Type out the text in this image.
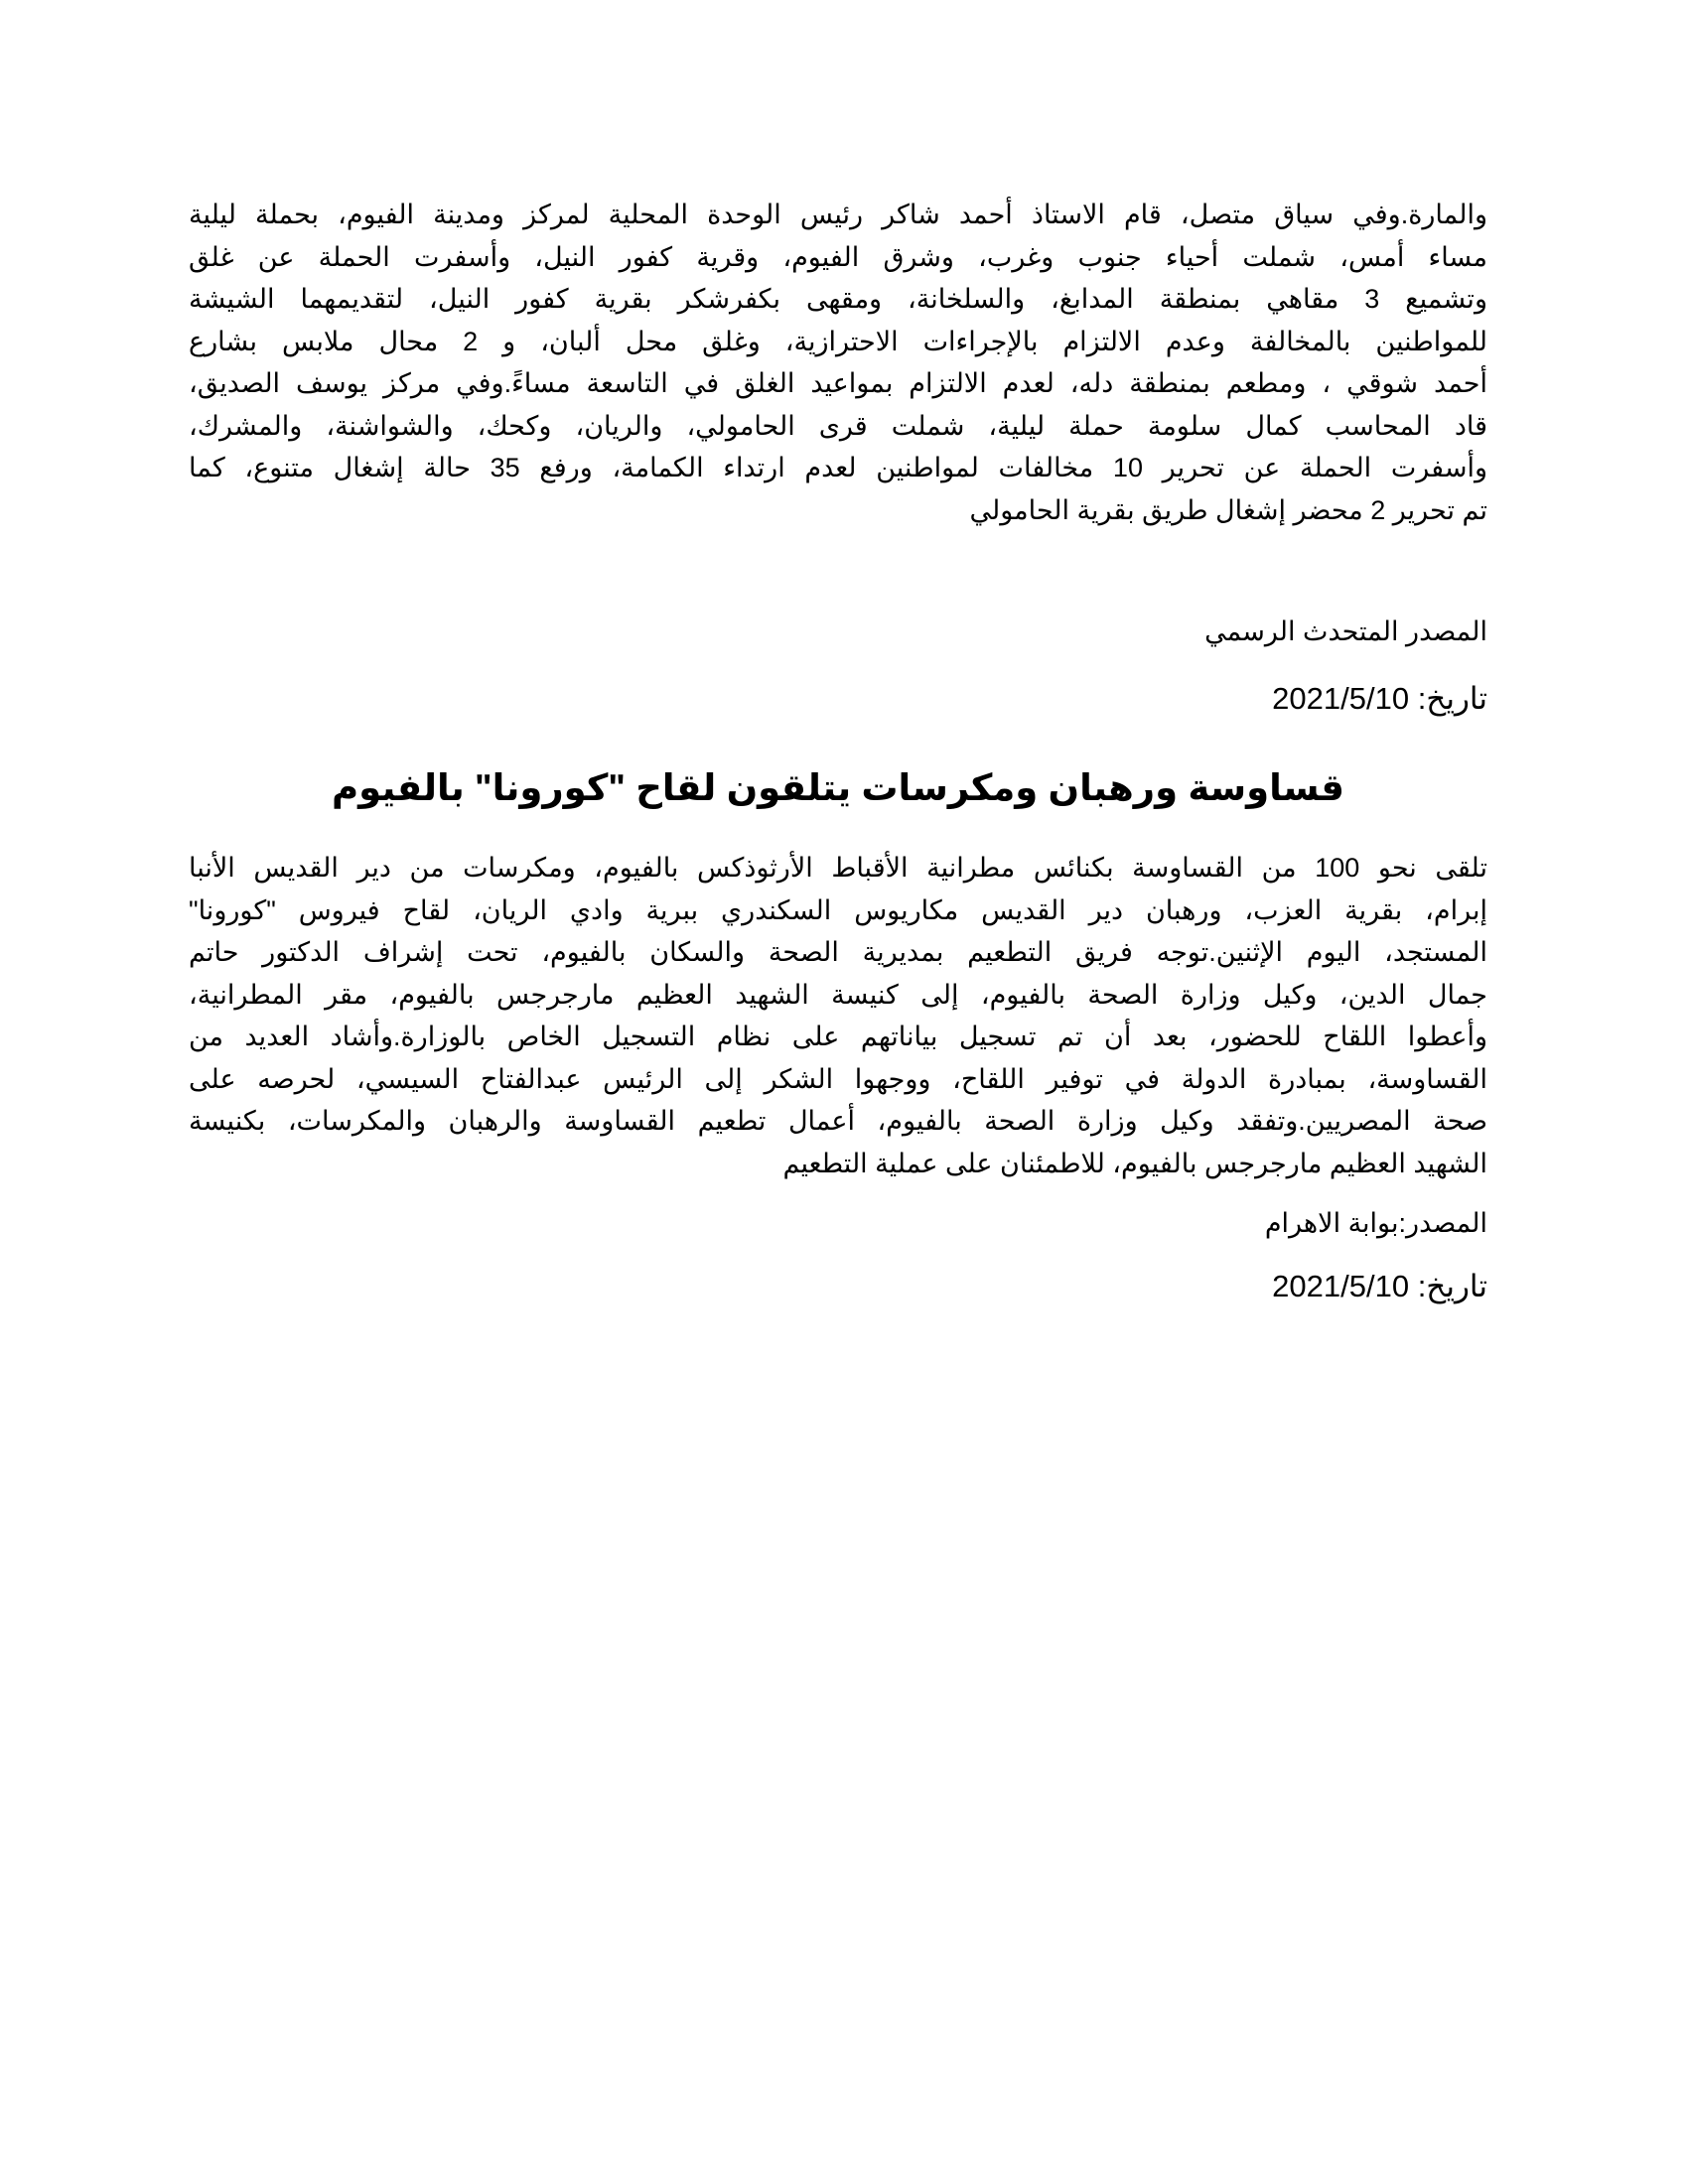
والمارة.وفي سياق متصل، قام الاستاذ أحمد شاكر رئيس الوحدة المحلية لمركز ومدينة الفيوم، بحملة ليلية
مساء أمس، شملت أحياء جنوب وغرب، وشرق الفيوم، وقرية كفور النيل، وأسفرت الحملة عن غلق
وتشميع 3 مقاهي بمنطقة المدابغ، والسلخانة، ومقهى بكفرشكر بقرية كفور النيل، لتقديمهما الشيشة
للمواطنين بالمخالفة وعدم الالتزام بالإجراءات الاحترازية، وغلق محل ألبان، و 2 محال ملابس بشارع
أحمد شوقي ، ومطعم بمنطقة دله، لعدم الالتزام بمواعيد الغلق في التاسعة مساءً.وفي مركز يوسف الصديق،
قاد المحاسب كمال سلومة حملة ليلية، شملت قرى الحامولي، والريان، وكحك، والشواشنة، والمشرك،
وأسفرت الحملة عن تحرير 10 مخالفات لمواطنين لعدم ارتداء الكمامة، ورفع 35 حالة إشغال متنوع، كما
تم تحرير 2 محضر إشغال طريق بقرية الحامولي

المصدر المتحدث الرسمي

تاريخ: 2021/5/10

قساوسة ورهبان ومكرسات يتلقون لقاح "كورونا" بالفيوم

تلقى نحو 100 من القساوسة بكنائس مطرانية الأقباط الأرثوذكس بالفيوم، ومكرسات من دير القديس الأنبا
إبرام، بقرية العزب، ورهبان دير القديس مكاريوس السكندري ببرية وادي الريان، لقاح فيروس "كورونا"
المستجد، اليوم الإثنين.توجه فريق التطعيم بمديرية الصحة والسكان بالفيوم، تحت إشراف الدكتور حاتم
جمال الدين، وكيل وزارة الصحة بالفيوم، إلى كنيسة الشهيد العظيم مارجرجس بالفيوم، مقر المطرانية،
وأعطوا اللقاح للحضور، بعد أن تم تسجيل بياناتهم على نظام التسجيل الخاص بالوزارة.وأشاد العديد من
القساوسة، بمبادرة الدولة في توفير اللقاح، ووجهوا الشكر إلى الرئيس عبدالفتاح السيسي، لحرصه على
صحة المصريين.وتفقد وكيل وزارة الصحة بالفيوم، أعمال تطعيم القساوسة والرهبان والمكرسات، بكنيسة
الشهيد العظيم مارجرجس بالفيوم، للاطمئنان على عملية التطعيم

المصدر:بوابة الاهرام

تاريخ: 2021/5/10
